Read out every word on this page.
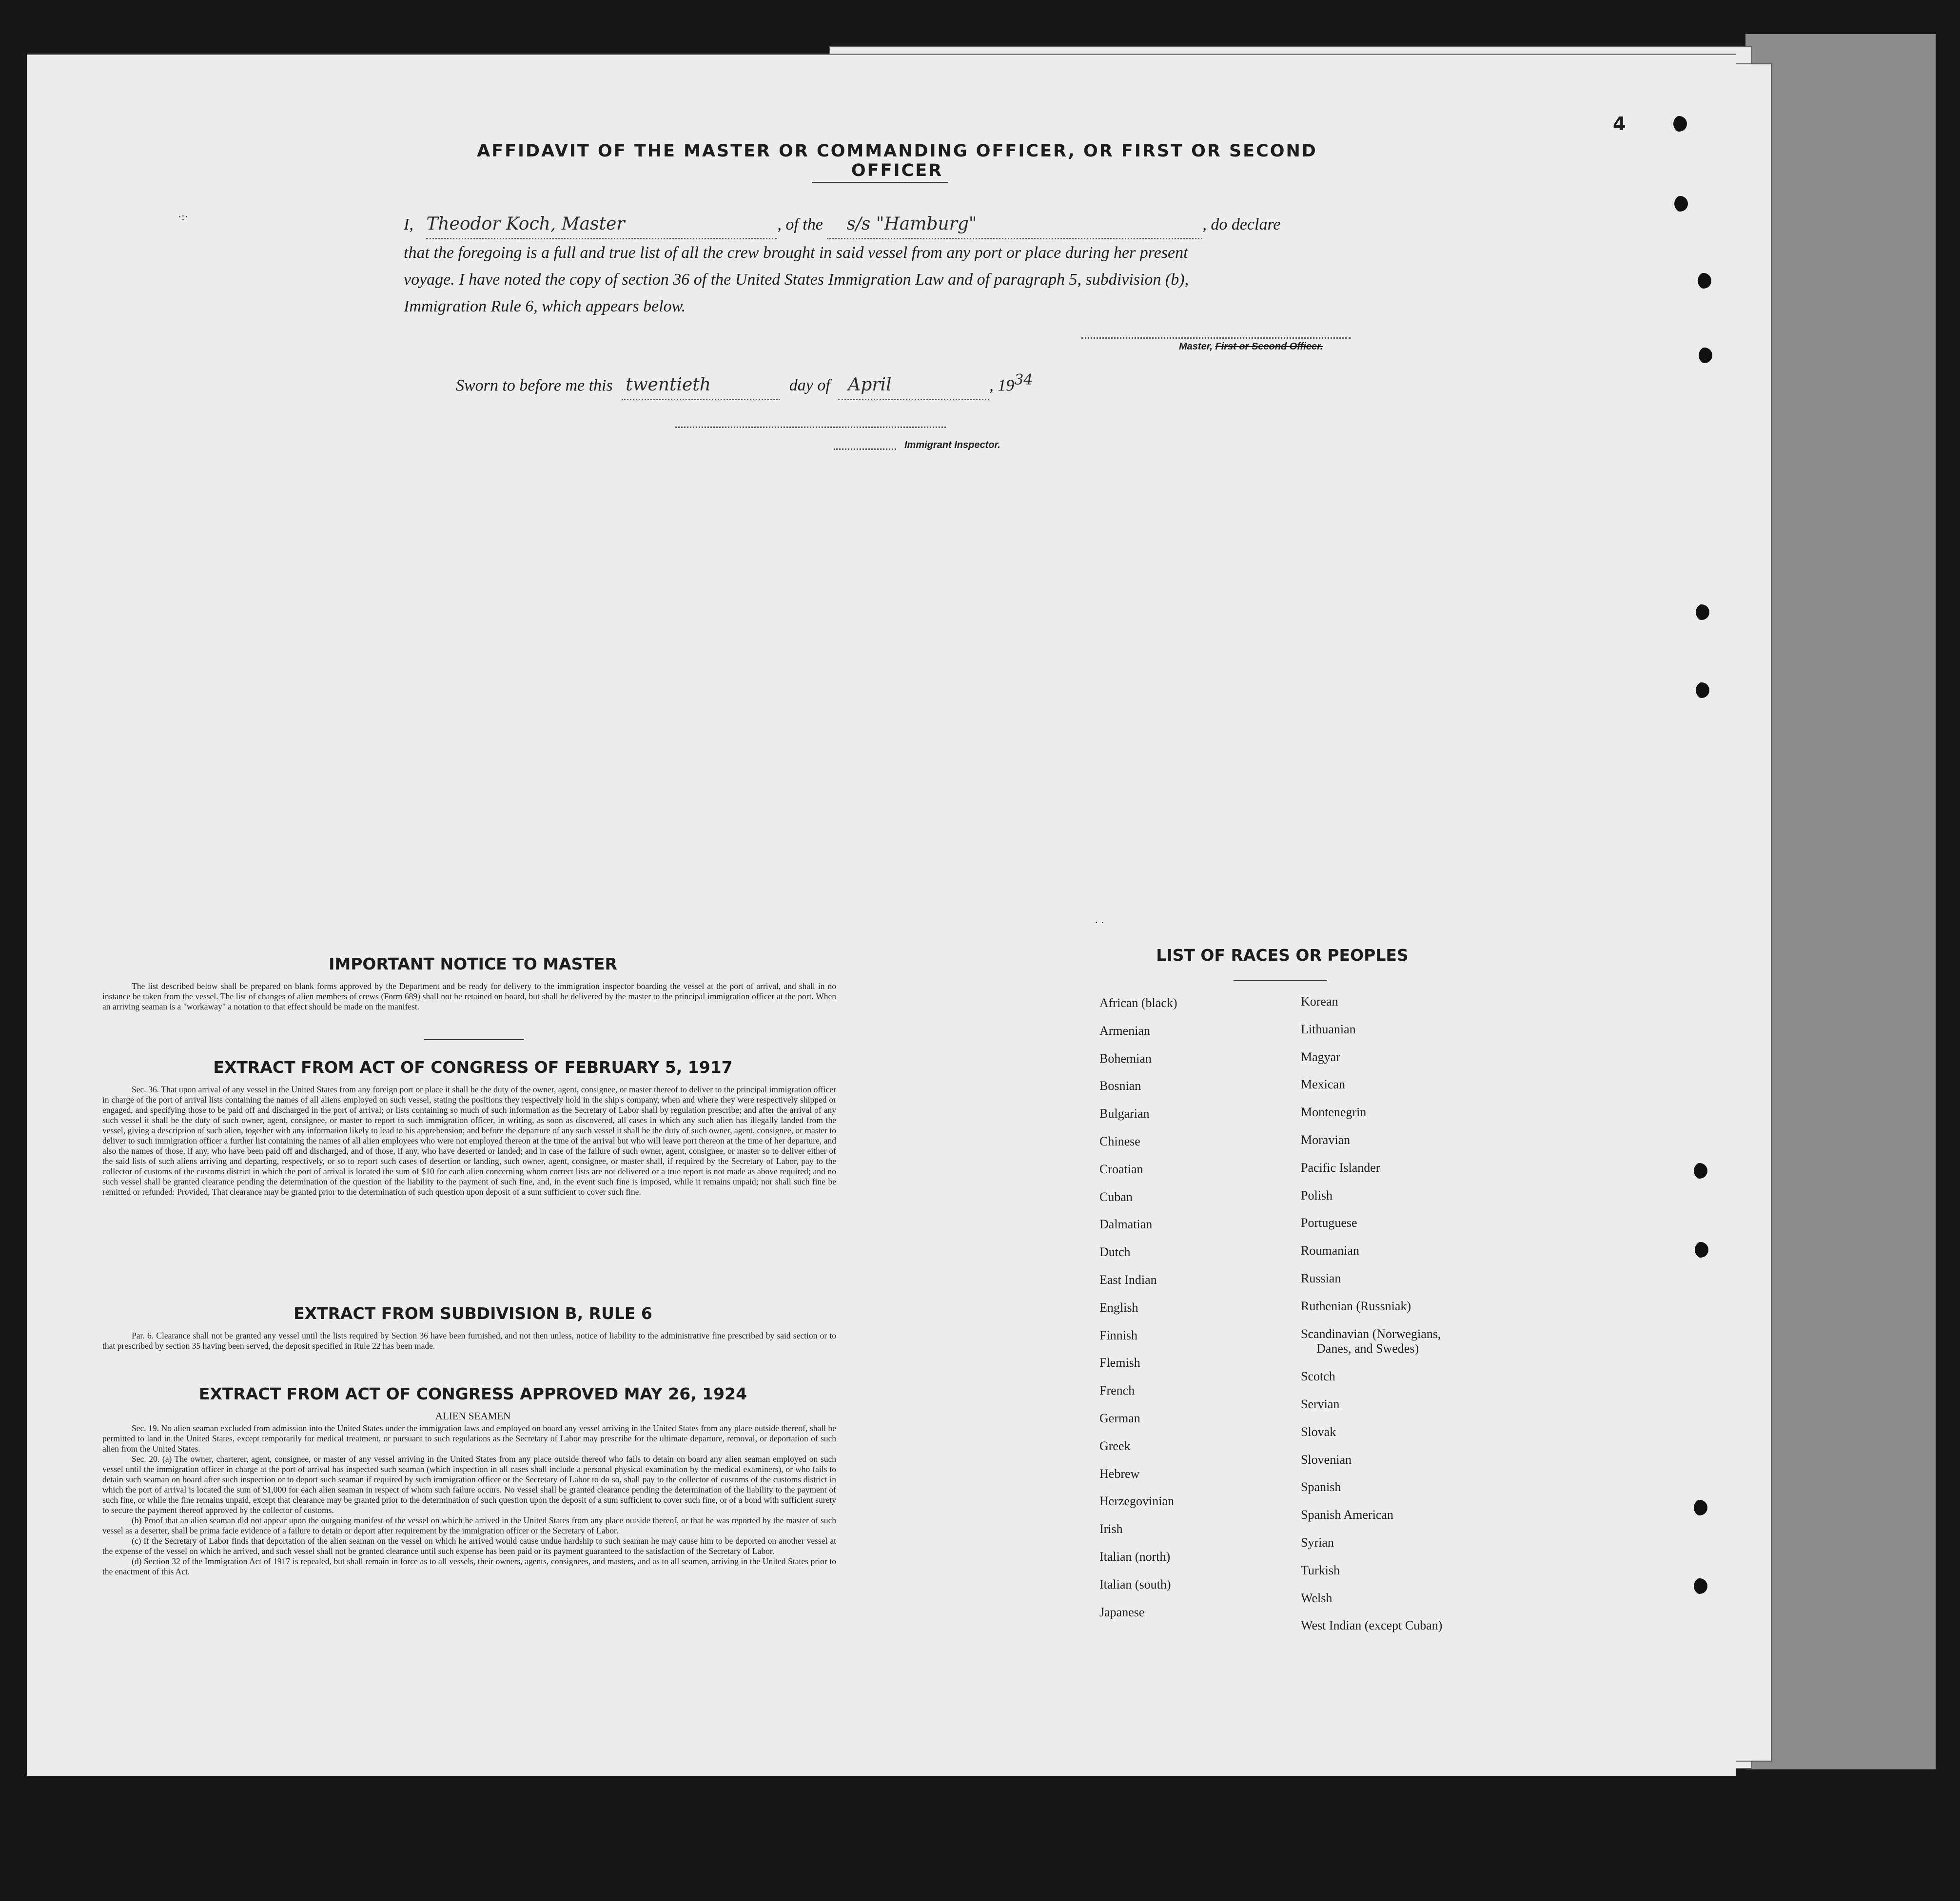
4
AFFIDAVIT OF THE MASTER OR COMMANDING OFFICER, OR FIRST OR SECOND OFFICER
I, Theodor Koch, Master	, of the s/s "Hamburg"	, do declare
that the foregoing is a full and true list of all the crew brought in said vessel from any port or place during her present
voyage. I have noted the copy of section 36 of the United States Immigration Law and of paragraph 5, subdivision (b),
Immigration Rule 6, which appears below.
Master, First or Second Officer.
Sworn to before me this twentieth	day of April	, 1934
Immigrant Inspector.
IMPORTANT NOTICE TO MASTER

The list described below shall be prepared on blank forms approved by the Department and be ready for delivery to the immigration inspector boarding the vessel at the port of arrival, and shall in no instance be taken from the vessel. The list of changes of alien members of crews (Form 689) shall not be retained on board, but shall be delivered by the master to the principal immigration officer at the port. When an arriving seaman is a "workaway" a notation to that effect should be made on the manifest.

EXTRACT FROM ACT OF CONGRESS OF FEBRUARY 5, 1917

Sec. 36. That upon arrival of any vessel in the United States from any foreign port or place it shall be the duty of the owner, agent, consignee, or master thereof to deliver to the principal immigration officer in charge of the port of arrival lists containing the names of all aliens employed on such vessel, stating the positions they respectively hold in the ship's company, when and where they were respectively shipped or engaged, and specifying those to be paid off and discharged in the port of arrival; or lists containing so much of such information as the Secretary of Labor shall by regulation prescribe; and after the arrival of any such vessel it shall be the duty of such owner, agent, consignee, or master to report to such immigration officer, in writing, as soon as discovered, all cases in which any such alien has illegally landed from the vessel, giving a description of such alien, together with any information likely to lead to his apprehension; and before the departure of any such vessel it shall be the duty of such owner, agent, consignee, or master to deliver to such immigration officer a further list containing the names of all alien employees who were not employed thereon at the time of the arrival but who will leave port thereon at the time of her departure, and also the names of those, if any, who have been paid off and discharged, and of those, if any, who have deserted or landed; and in case of the failure of such owner, agent, consignee, or master so to deliver either of the said lists of such aliens arriving and departing, respectively, or so to report such cases of desertion or landing, such owner, agent, consignee, or master shall, if required by the Secretary of Labor, pay to the collector of customs of the customs district in which the port of arrival is located the sum of $10 for each alien concerning whom correct lists are not delivered or a true report is not made as above required; and no such vessel shall be granted clearance pending the determination of the question of the liability to the payment of such fine, and, in the event such fine is imposed, while it remains unpaid; nor shall such fine be remitted or refunded: Provided, That clearance may be granted prior to the determination of such question upon deposit of a sum sufficient to cover such fine.

EXTRACT FROM SUBDIVISION B, RULE 6

Par. 6. Clearance shall not be granted any vessel until the lists required by Section 36 have been furnished, and not then unless, notice of liability to the administrative fine prescribed by said section or to that prescribed by section 35 having been served, the deposit specified in Rule 22 has been made.

EXTRACT FROM ACT OF CONGRESS APPROVED MAY 26, 1924
ALIEN SEAMEN

Sec. 19. No alien seaman excluded from admission into the United States under the immigration laws and employed on board any vessel arriving in the United States from any place outside thereof, shall be permitted to land in the United States, except temporarily for medical treatment, or pursuant to such regulations as the Secretary of Labor may prescribe for the ultimate departure, removal, or deportation of such alien from the United States.

Sec. 20. (a) The owner, charterer, agent, consignee, or master of any vessel arriving in the United States from any place outside thereof who fails to detain on board any alien seaman employed on such vessel until the immigration officer in charge at the port of arrival has inspected such seaman (which inspection in all cases shall include a personal physical examination by the medical examiners), or who fails to detain such seaman on board after such inspection or to deport such seaman if required by such immigration officer or the Secretary of Labor to do so, shall pay to the collector of customs of the customs district in which the port of arrival is located the sum of $1,000 for each alien seaman in respect of whom such failure occurs. No vessel shall be granted clearance pending the determination of the liability to the payment of such fine, or while the fine remains unpaid, except that clearance may be granted prior to the determination of such question upon the deposit of a sum sufficient to cover such fine, or of a bond with sufficient surety to secure the payment thereof approved by the collector of customs.

(b) Proof that an alien seaman did not appear upon the outgoing manifest of the vessel on which he arrived in the United States from any place outside thereof, or that he was reported by the master of such vessel as a deserter, shall be prima facie evidence of a failure to detain or deport after requirement by the immigration officer or the Secretary of Labor.

(c) If the Secretary of Labor finds that deportation of the alien seaman on the vessel on which he arrived would cause undue hardship to such seaman he may cause him to be deported on another vessel at the expense of the vessel on which he arrived, and such vessel shall not be granted clearance until such expense has been paid or its payment guaranteed to the satisfaction of the Secretary of Labor.

(d) Section 32 of the Immigration Act of 1917 is repealed, but shall remain in force as to all vessels, their owners, agents, consignees, and masters, and as to all seamen, arriving in the United States prior to the enactment of this Act.

LIST OF RACES OR PEOPLES
African (black)
Armenian
Bohemian
Bosnian
Bulgarian
Chinese
Croatian
Cuban
Dalmatian
Dutch
East Indian
English
Finnish
Flemish
French
German
Greek
Hebrew
Herzegovinian
Irish
Italian (north)
Italian (south)
Japanese
Korean
Lithuanian
Magyar
Mexican
Montenegrin
Moravian
Pacific Islander
Polish
Portuguese
Roumanian
Russian
Ruthenian (Russniak)
Scandinavian (Norwegians,
Danes, and Swedes)
Scotch
Servian
Slovak
Slovenian
Spanish
Spanish American
Syrian
Turkish
Welsh
West Indian (except Cuban)
·:·
· ·
